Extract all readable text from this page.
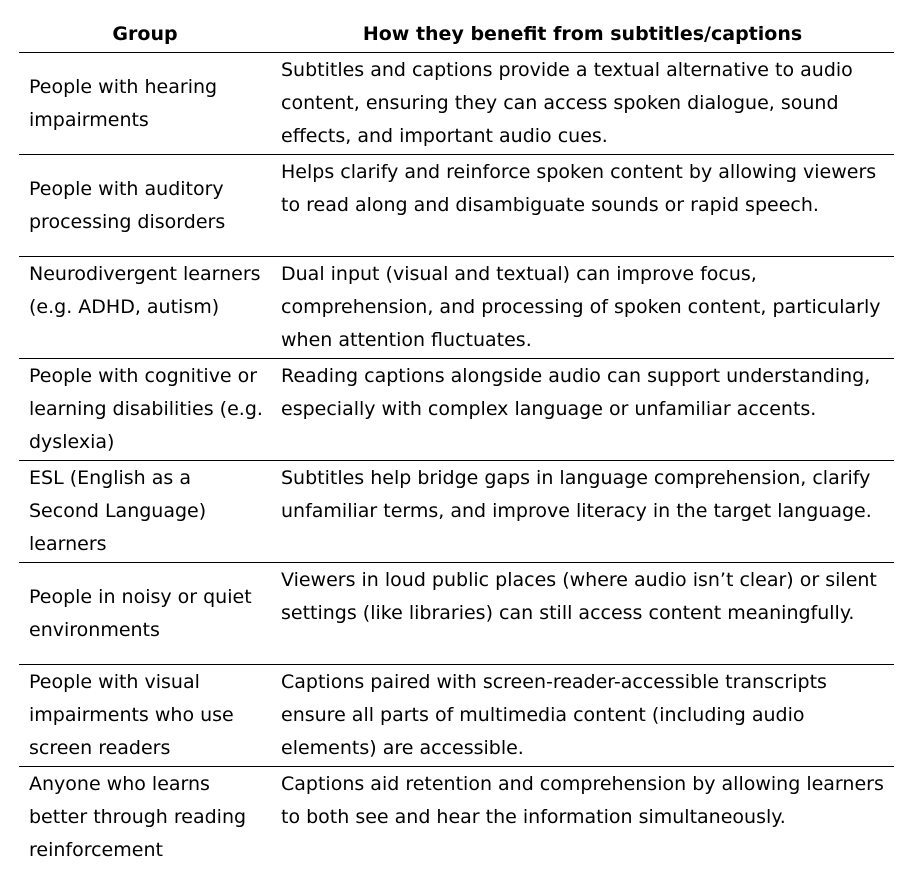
Group	How they benefit from subtitles/captions
People with hearing impairments	Subtitles and captions provide a textual alternative to audio content, ensuring they can access spoken dialogue, sound effects, and important audio cues.
People with auditory processing disorders	Helps clarify and reinforce spoken content by allowing viewers to read along and disambiguate sounds or rapid speech.
Neurodivergent learners (e.g. ADHD, autism)	Dual input (visual and textual) can improve focus, comprehension, and processing of spoken content, particularly when attention fluctuates.
People with cognitive or learning disabilities (e.g. dyslexia)	Reading captions alongside audio can support understanding, especially with complex language or unfamiliar accents.
ESL (English as a Second Language) learners	Subtitles help bridge gaps in language comprehension, clarify unfamiliar terms, and improve literacy in the target language.
People in noisy or quiet environments	Viewers in loud public places (where audio isn’t clear) or silent settings (like libraries) can still access content meaningfully.
People with visual impairments who use screen readers	Captions paired with screen-reader-accessible transcripts ensure all parts of multimedia content (including audio elements) are accessible.
Anyone who learns better through reading reinforcement	Captions aid retention and comprehension by allowing learners to both see and hear the information simultaneously.
